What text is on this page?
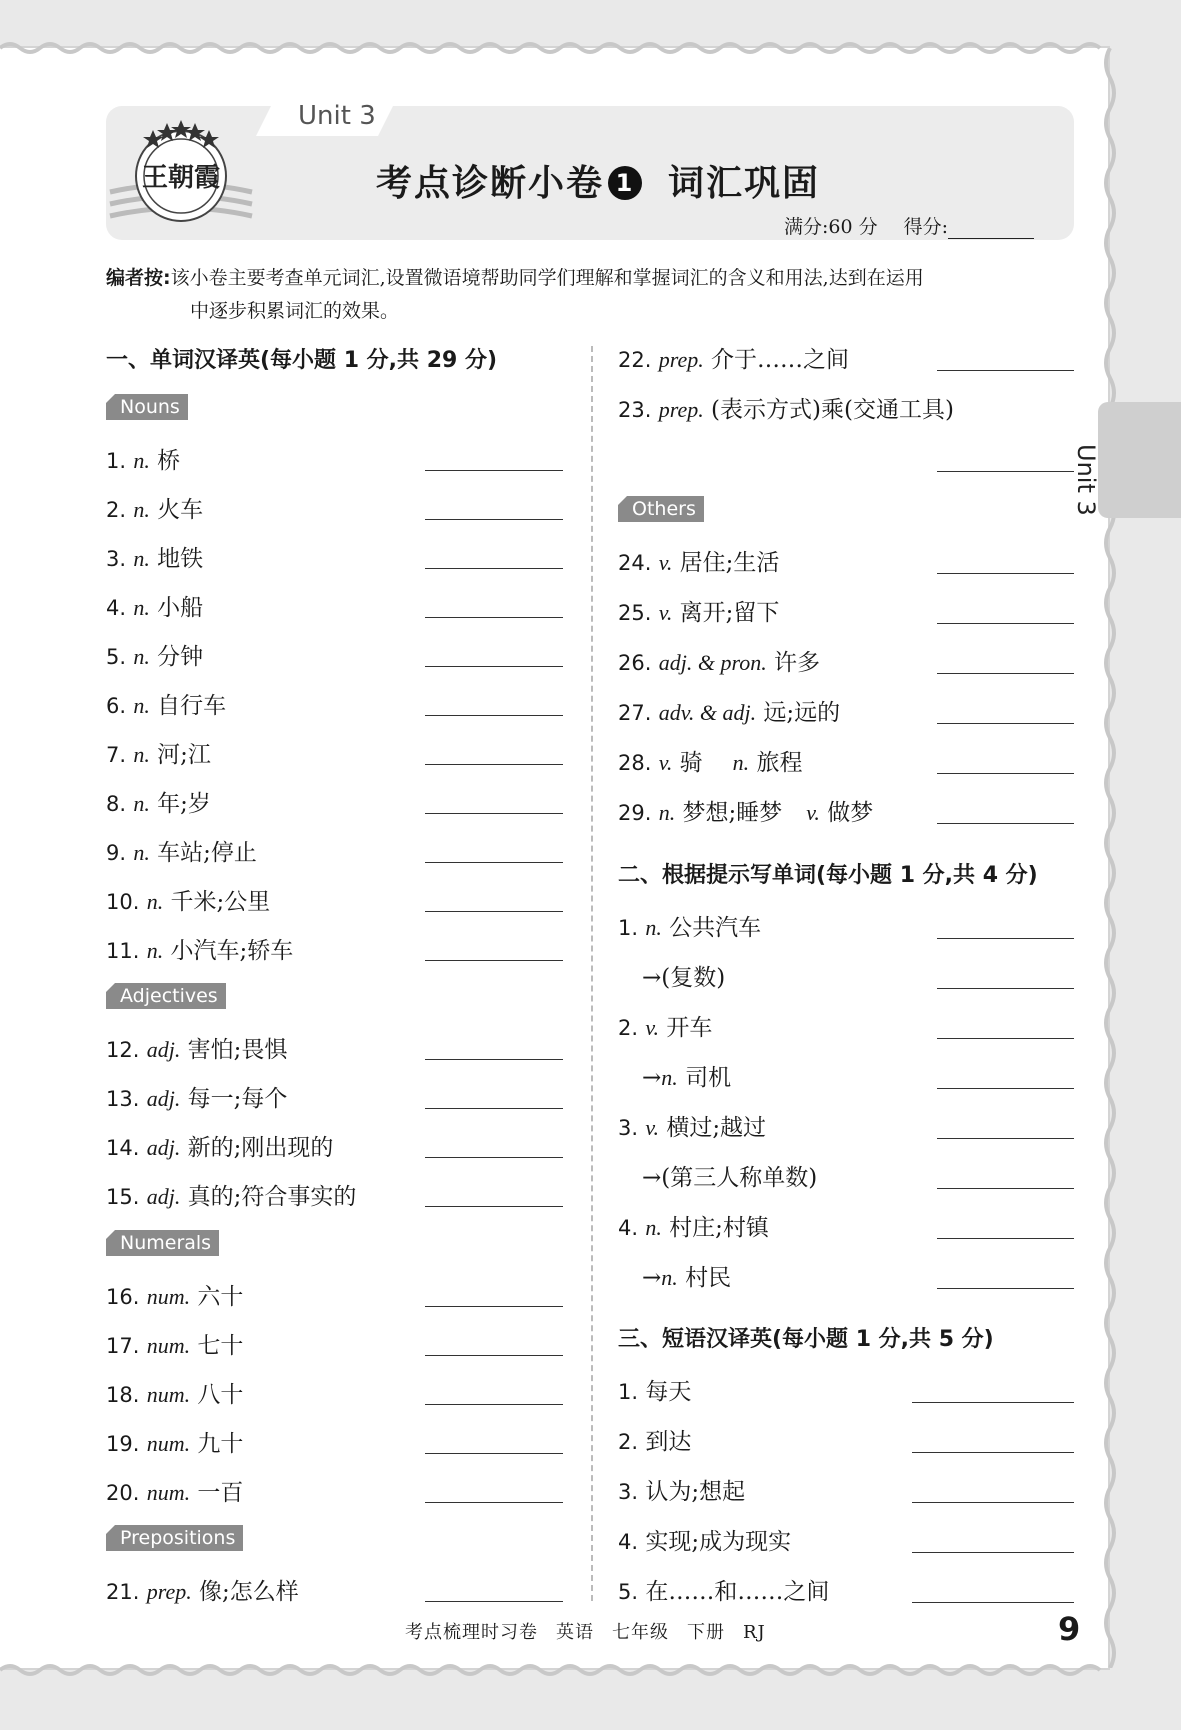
Unit 3
王朝霞	考点诊断小卷 1 词汇巩固
满分:60 分 得分:
编者按:该小卷主要考查单元词汇,设置微语境帮助同学们理解和掌握词汇的含义和用法,达到在运用
中逐步积累词汇的效果。
Unit 3
一、单词汉译英(每小题 1 分,共 29 分)
Nouns
1. n. 桥
2. n. 火车
3. n. 地铁
4. n. 小船
5. n. 分钟
6. n. 自行车
7. n. 河;江
8. n. 年;岁
9. n. 车站;停止
10. n. 千米;公里
11. n. 小汽车;轿车
Adjectives
12. adj. 害怕;畏惧
13. adj. 每一;每个
14. adj. 新的;刚出现的
15. adj. 真的;符合事实的
Numerals
16. num. 六十
17. num. 七十
18. num. 八十
19. num. 九十
20. num. 一百
Prepositions
21. prep. 像;怎么样
22. prep. 介于……之间
23. prep. (表示方式)乘(交通工具)
Others
24. v. 居住;生活
25. v. 离开;留下
26. adj. & pron. 许多
27. adv. & adj. 远;远的
28. v. 骑 n. 旅程
29. n. 梦想;睡梦 v. 做梦
二、根据提示写单词(每小题 1 分,共 4 分)
1. n. 公共汽车
→(复数)
2. v. 开车
→n. 司机
3. v. 横过;越过
→(第三人称单数)
4. n. 村庄;村镇
→n. 村民
三、短语汉译英(每小题 1 分,共 5 分)
1. 每天
2. 到达
3. 认为;想起
4. 实现;成为现实
5. 在……和……之间
考点梳理时习卷 英语 七年级 下册 RJ	9
